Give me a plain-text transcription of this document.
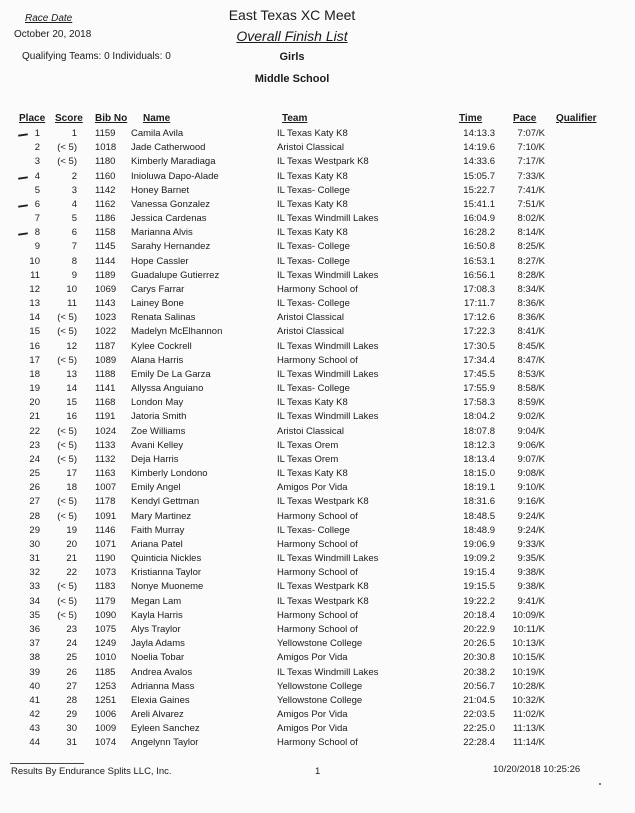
Race Date
October 20, 2018
Qualifying Teams: 0 Individuals: 0
East Texas XC Meet
Overall Finish List
Girls
Middle School
Place Score Bib No Name	Team	Time	Pace Qualifier
1	1 1159 Camila Avila	IL Texas Katy K8	14:13.3	7:07/K
2	(< 5) 1018 Jade Catherwood	Aristoi Classical	14:19.6	7:10/K
3	(< 5) 1180 Kimberly Maradiaga	IL Texas Westpark K8	14:33.6	7:17/K
4	2 1160 Inioluwa Dapo-Alade	IL Texas Katy K8	15:05.7	7:33/K
5	3 1142 Honey Barnet	IL Texas- College	15:22.7	7:41/K
6	4 1162 Vanessa Gonzalez	IL Texas Katy K8	15:41.1	7:51/K
7	5 1186 Jessica Cardenas	IL Texas Windmill Lakes	16:04.9	8:02/K
8	6 1158 Marianna Alvis	IL Texas Katy K8	16:28.2	8:14/K
9	7 1145 Sarahy Hernandez	IL Texas- College	16:50.8	8:25/K
10	8 1144 Hope Cassler	IL Texas- College	16:53.1	8:27/K
11	9 1189 Guadalupe Gutierrez	IL Texas Windmill Lakes	16:56.1	8:28/K
12	10 1069 Carys Farrar	Harmony School of	17:08.3	8:34/K
13	11 1143 Lainey Bone	IL Texas- College	17:11.7	8:36/K
14	(< 5) 1023 Renata Salinas	Aristoi Classical	17:12.6	8:36/K
15	(< 5) 1022 Madelyn McElhannon	Aristoi Classical	17:22.3	8:41/K
16	12 1187 Kylee Cockrell	IL Texas Windmill Lakes	17:30.5	8:45/K
17	(< 5) 1089 Alana Harris	Harmony School of	17:34.4	8:47/K
18	13 1188 Emily De La Garza	IL Texas Windmill Lakes	17:45.5	8:53/K
19	14 1141 Allyssa Anguiano	IL Texas- College	17:55.9	8:58/K
20	15 1168 London May	IL Texas Katy K8	17:58.3	8:59/K
21	16 1191 Jatoria Smith	IL Texas Windmill Lakes	18:04.2	9:02/K
22	(< 5) 1024 Zoe Williams	Aristoi Classical	18:07.8	9:04/K
23	(< 5) 1133 Avani Kelley	IL Texas Orem	18:12.3	9:06/K
24	(< 5) 1132 Deja Harris	IL Texas Orem	18:13.4	9:07/K
25	17 1163 Kimberly Londono	IL Texas Katy K8	18:15.0	9:08/K
26	18 1007 Emily Angel	Amigos Por Vida	18:19.1	9:10/K
27	(< 5) 1178 Kendyl Gettman	IL Texas Westpark K8	18:31.6	9:16/K
28	(< 5) 1091 Mary Martinez	Harmony School of	18:48.5	9:24/K
29	19 1146 Faith Murray	IL Texas- College	18:48.9	9:24/K
30	20 1071 Ariana Patel	Harmony School of	19:06.9	9:33/K
31	21 1190 Quinticia Nickles	IL Texas Windmill Lakes	19:09.2	9:35/K
32	22 1073 Kristianna Taylor	Harmony School of	19:15.4	9:38/K
33	(< 5) 1183 Nonye Muoneme	IL Texas Westpark K8	19:15.5	9:38/K
34	(< 5) 1179 Megan Lam	IL Texas Westpark K8	19:22.2	9:41/K
35	(< 5) 1090 Kayla Harris	Harmony School of	20:18.4	10:09/K
36	23 1075 Alys Traylor	Harmony School of	20:22.9	10:11/K
37	24 1249 Jayla Adams	Yellowstone College	20:26.5	10:13/K
38	25 1010 Noelia Tobar	Amigos Por Vida	20:30.8	10:15/K
39	26 1185 Andrea Avalos	IL Texas Windmill Lakes	20:38.2	10:19/K
40	27 1253 Adrianna Mass	Yellowstone College	20:56.7	10:28/K
41	28 1251 Elexia Gaines	Yellowstone College	21:04.5	10:32/K
42	29 1006 Areli Alvarez	Amigos Por Vida	22:03.5	11:02/K
43	30 1009 Eyleen Sanchez	Amigos Por Vida	22:25.0	11:13/K
44	31 1074 Angelynn Taylor	Harmony School of	22:28.4	11:14/K
Results By Endurance Splits LLC, Inc.	1	10/20/2018 10:25:26
